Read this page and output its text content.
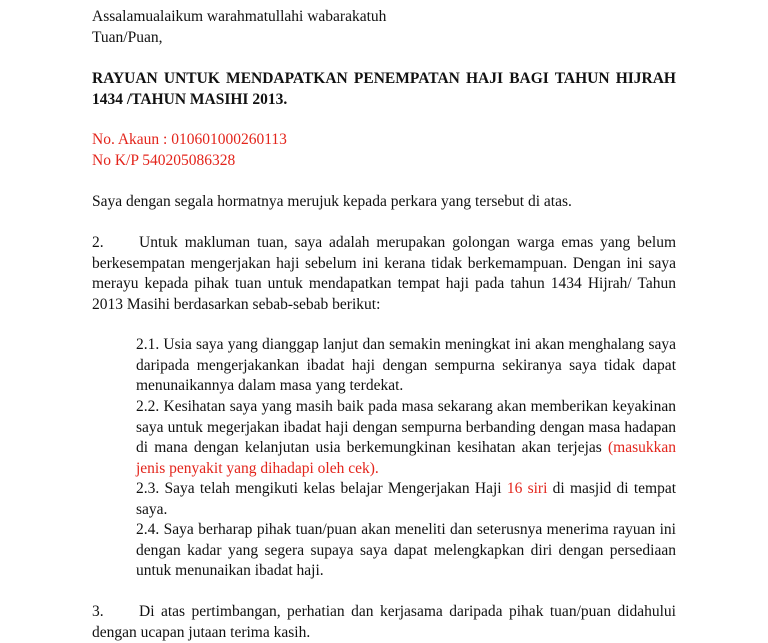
Assalamualaikum warahmatullahi wabarakatuh
Tuan/Puan,
RAYUAN UNTUK MENDAPATKAN PENEMPATAN HAJI BAGI TAHUN HIJRAH 1434 /TAHUN MASIHI 2013.
No. Akaun : 010601000260113
No K/P 540205086328
Saya dengan segala hormatnya merujuk kepada perkara yang tersebut di atas.
2. Untuk makluman tuan, saya adalah merupakan golongan warga emas yang belum berkesempatan mengerjakan haji sebelum ini kerana tidak berkemampuan. Dengan ini saya merayu kepada pihak tuan untuk mendapatkan tempat haji pada tahun 1434 Hijrah/ Tahun 2013 Masihi berdasarkan sebab-sebab berikut:
2.1. Usia saya yang dianggap lanjut dan semakin meningkat ini akan menghalang saya daripada mengerjakankan ibadat haji dengan sempurna sekiranya saya tidak dapat menunaikannya dalam masa yang terdekat.
2.2. Kesihatan saya yang masih baik pada masa sekarang akan memberikan keyakinan saya untuk megerjakan ibadat haji dengan sempurna berbanding dengan masa hadapan di mana dengan kelanjutan usia berkemungkinan kesihatan akan terjejas (masukkan jenis penyakit yang dihadapi oleh cek).
2.3. Saya telah mengikuti kelas belajar Mengerjakan Haji 16 siri di masjid di tempat saya.
2.4. Saya berharap pihak tuan/puan akan meneliti dan seterusnya menerima rayuan ini dengan kadar yang segera supaya saya dapat melengkapkan diri dengan persediaan untuk menunaikan ibadat haji.
3. Di atas pertimbangan, perhatian dan kerjasama daripada pihak tuan/puan didahului dengan ucapan jutaan terima kasih.
